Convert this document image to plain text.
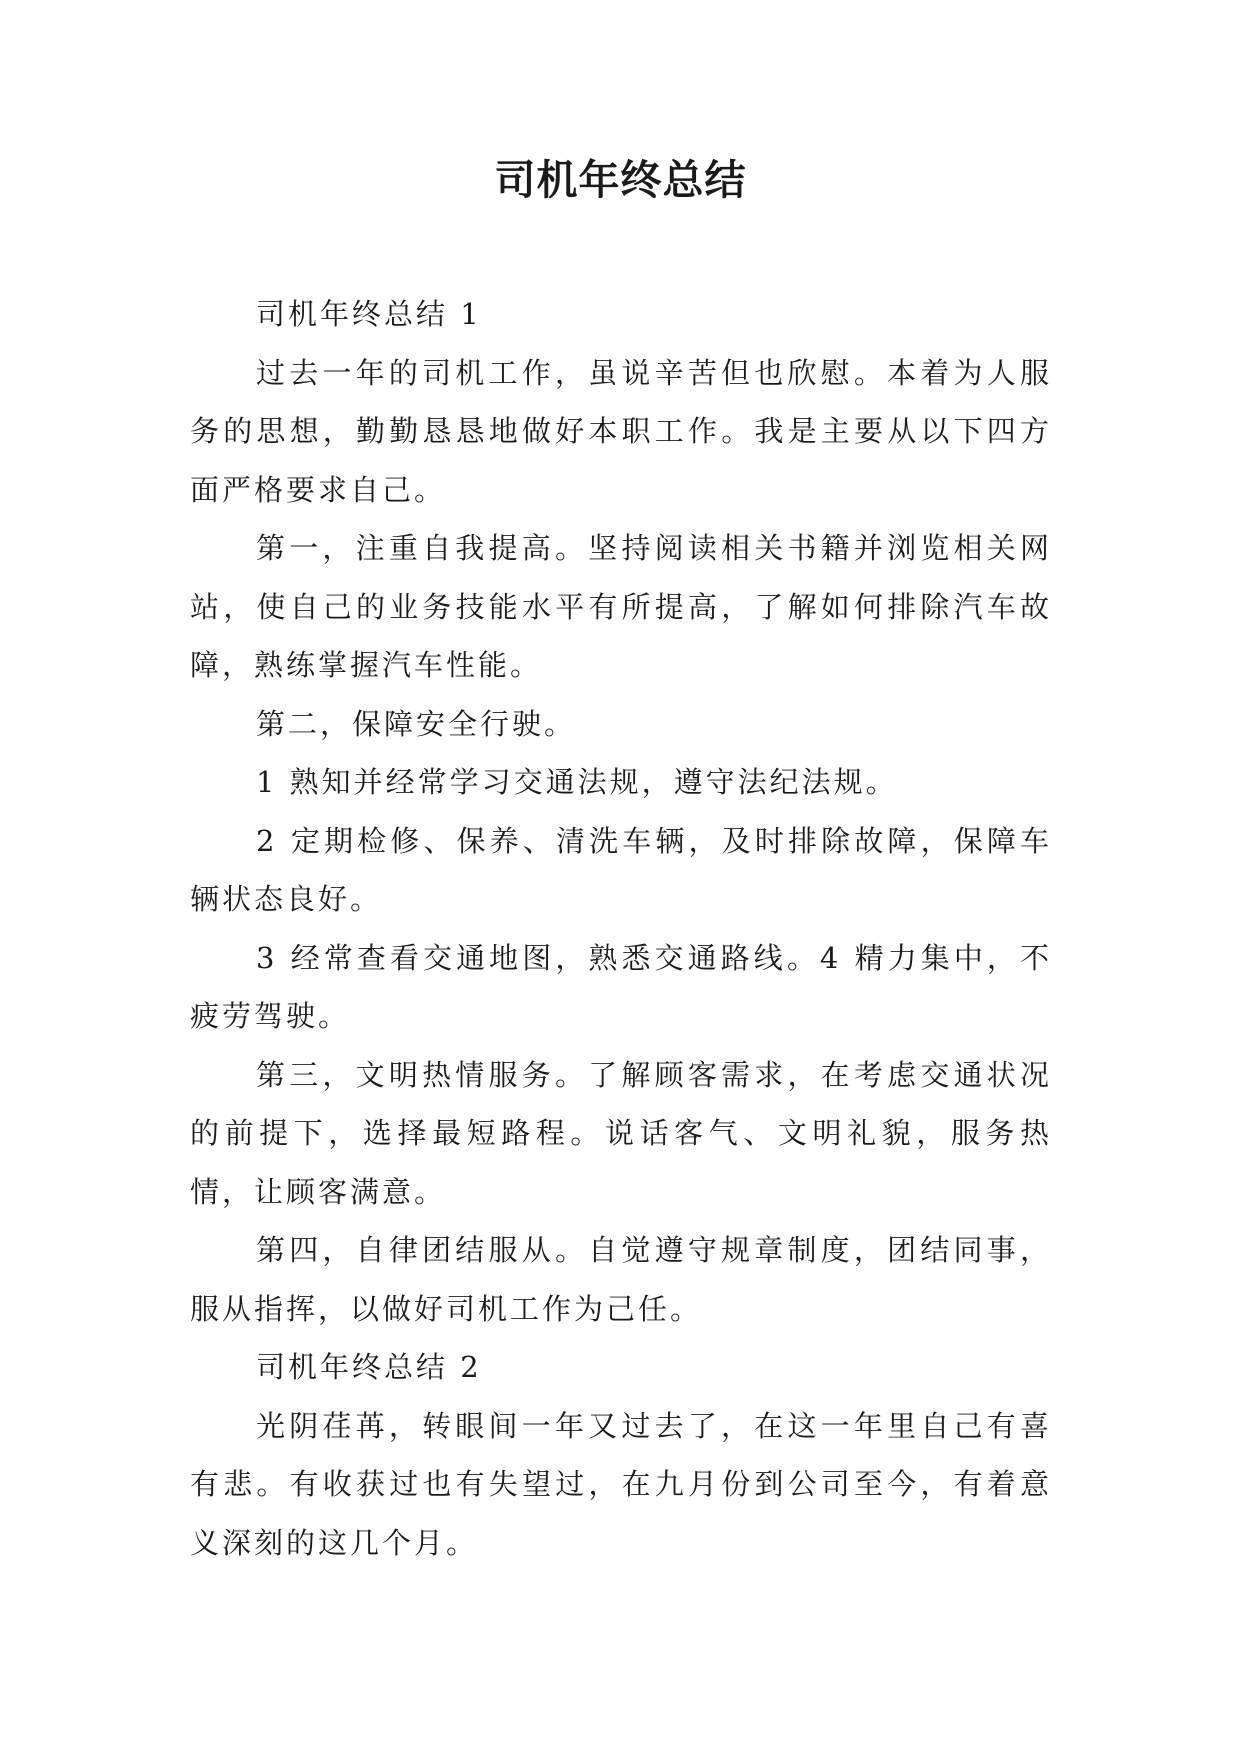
司机年终总结

司机年终总结 1

过去一年的司机工作，虽说辛苦但也欣慰。本着为人服务的思想，勤勤恳恳地做好本职工作。我是主要从以下四方面严格要求自己。

第一，注重自我提高。坚持阅读相关书籍并浏览相关网站，使自己的业务技能水平有所提高，了解如何排除汽车故障，熟练掌握汽车性能。

第二，保障安全行驶。

1 熟知并经常学习交通法规，遵守法纪法规。

2 定期检修、保养、清洗车辆，及时排除故障，保障车辆状态良好。

3 经常查看交通地图，熟悉交通路线。4 精力集中，不疲劳驾驶。

第三，文明热情服务。了解顾客需求，在考虑交通状况的前提下，选择最短路程。说话客气、文明礼貌，服务热情，让顾客满意。

第四，自律团结服从。自觉遵守规章制度，团结同事，服从指挥，以做好司机工作为己任。

司机年终总结 2

光阴荏苒，转眼间一年又过去了，在这一年里自己有喜有悲。有收获过也有失望过，在九月份到公司至今，有着意义深刻的这几个月。
